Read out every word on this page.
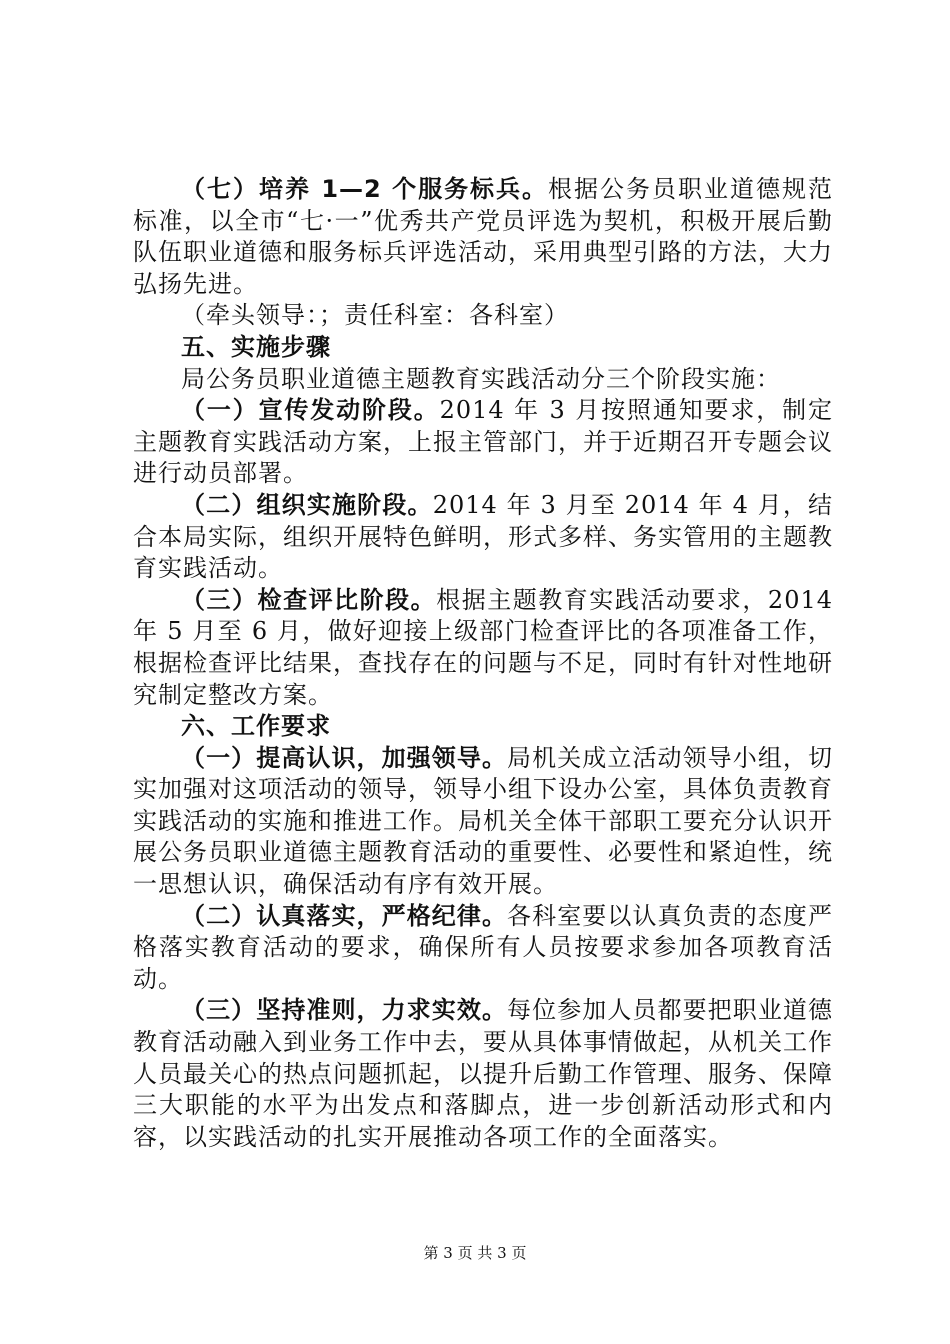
（七）培养 1—2 个服务标兵。根据公务员职业道德规范标准，以全市“七·一”优秀共产党员评选为契机，积极开展后勤队伍职业道德和服务标兵评选活动，采用典型引路的方法，大力弘扬先进。

（牵头领导：；责任科室：各科室）

五、实施步骤

局公务员职业道德主题教育实践活动分三个阶段实施：

（一）宣传发动阶段。2014 年 3 月按照通知要求，制定主题教育实践活动方案，上报主管部门，并于近期召开专题会议进行动员部署。

（二）组织实施阶段。2014 年 3 月至 2014 年 4 月，结合本局实际，组织开展特色鲜明，形式多样、务实管用的主题教育实践活动。

（三）检查评比阶段。根据主题教育实践活动要求，2014 年 5 月至 6 月，做好迎接上级部门检查评比的各项准备工作，根据检查评比结果，查找存在的问题与不足，同时有针对性地研究制定整改方案。

六、工作要求

（一）提高认识，加强领导。局机关成立活动领导小组，切实加强对这项活动的领导，领导小组下设办公室，具体负责教育实践活动的实施和推进工作。局机关全体干部职工要充分认识开展公务员职业道德主题教育活动的重要性、必要性和紧迫性，统一思想认识，确保活动有序有效开展。

（二）认真落实，严格纪律。各科室要以认真负责的态度严格落实教育活动的要求，确保所有人员按要求参加各项教育活动。

（三）坚持准则，力求实效。每位参加人员都要把职业道德教育活动融入到业务工作中去，要从具体事情做起，从机关工作人员最关心的热点问题抓起，以提升后勤工作管理、服务、保障三大职能的水平为出发点和落脚点，进一步创新活动形式和内容，以实践活动的扎实开展推动各项工作的全面落实。

第 3 页 共 3 页
